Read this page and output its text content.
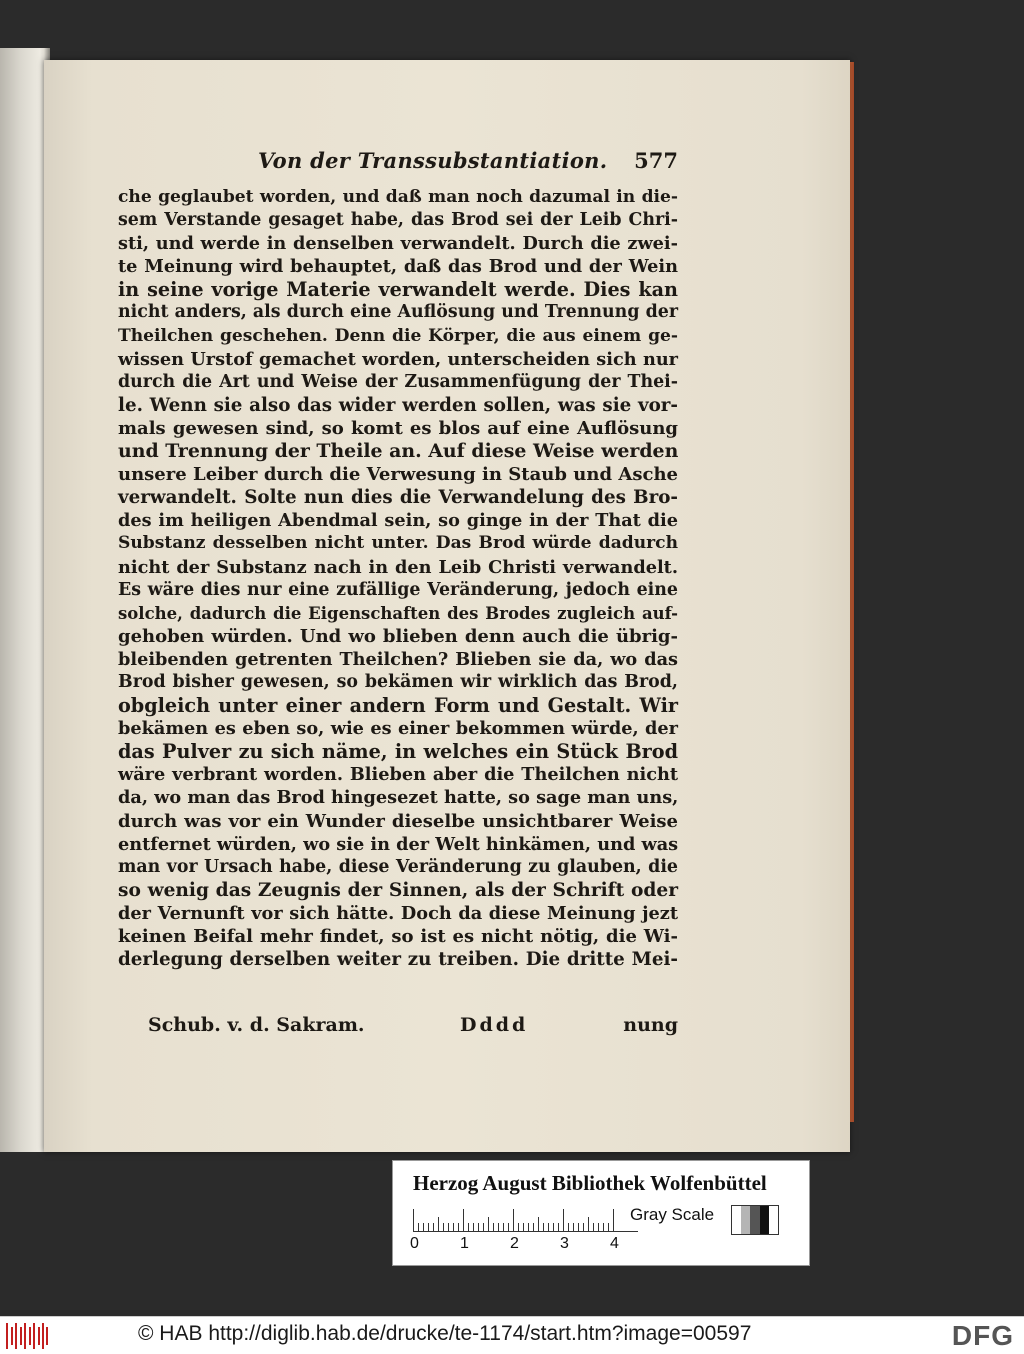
Von der Transsubstantiation. 577
che geglaubet worden, und daß man noch dazumal in die-
sem Verstande gesaget habe, das Brod sei der Leib Chri-
sti, und werde in denselben verwandelt. Durch die zwei-
te Meinung wird behauptet, daß das Brod und der Wein
in seine vorige Materie verwandelt werde. Dies kan
nicht anders, als durch eine Auflösung und Trennung der
Theilchen geschehen. Denn die Körper, die aus einem ge-
wissen Urstof gemachet worden, unterscheiden sich nur
durch die Art und Weise der Zusammenfügung der Thei-
le. Wenn sie also das wider werden sollen, was sie vor-
mals gewesen sind, so komt es blos auf eine Auflösung
und Trennung der Theile an. Auf diese Weise werden
unsere Leiber durch die Verwesung in Staub und Asche
verwandelt. Solte nun dies die Verwandelung des Bro-
des im heiligen Abendmal sein, so ginge in der That die
Substanz desselben nicht unter. Das Brod würde dadurch
nicht der Substanz nach in den Leib Christi verwandelt.
Es wäre dies nur eine zufällige Veränderung, jedoch eine
solche, dadurch die Eigenschaften des Brodes zugleich auf-
gehoben würden. Und wo blieben denn auch die übrig-
bleibenden getrenten Theilchen? Blieben sie da, wo das
Brod bisher gewesen, so bekämen wir wirklich das Brod,
obgleich unter einer andern Form und Gestalt. Wir
bekämen es eben so, wie es einer bekommen würde, der
das Pulver zu sich näme, in welches ein Stück Brod
wäre verbrant worden. Blieben aber die Theilchen nicht
da, wo man das Brod hingesezet hatte, so sage man uns,
durch was vor ein Wunder dieselbe unsichtbarer Weise
entfernet würden, wo sie in der Welt hinkämen, und was
man vor Ursach habe, diese Veränderung zu glauben, die
so wenig das Zeugnis der Sinnen, als der Schrift oder
der Vernunft vor sich hätte. Doch da diese Meinung jezt
keinen Beifal mehr findet, so ist es nicht nötig, die Wi-
derlegung derselben weiter zu treiben. Die dritte Mei-
Schub. v. d. Sakram.	Dddd	nung
Herzog August Bibliothek Wolfenbüttel
0	1	2	3	4
Gray Scale
© HAB http://diglib.hab.de/drucke/te-1174/start.htm?image=00597	DFG
